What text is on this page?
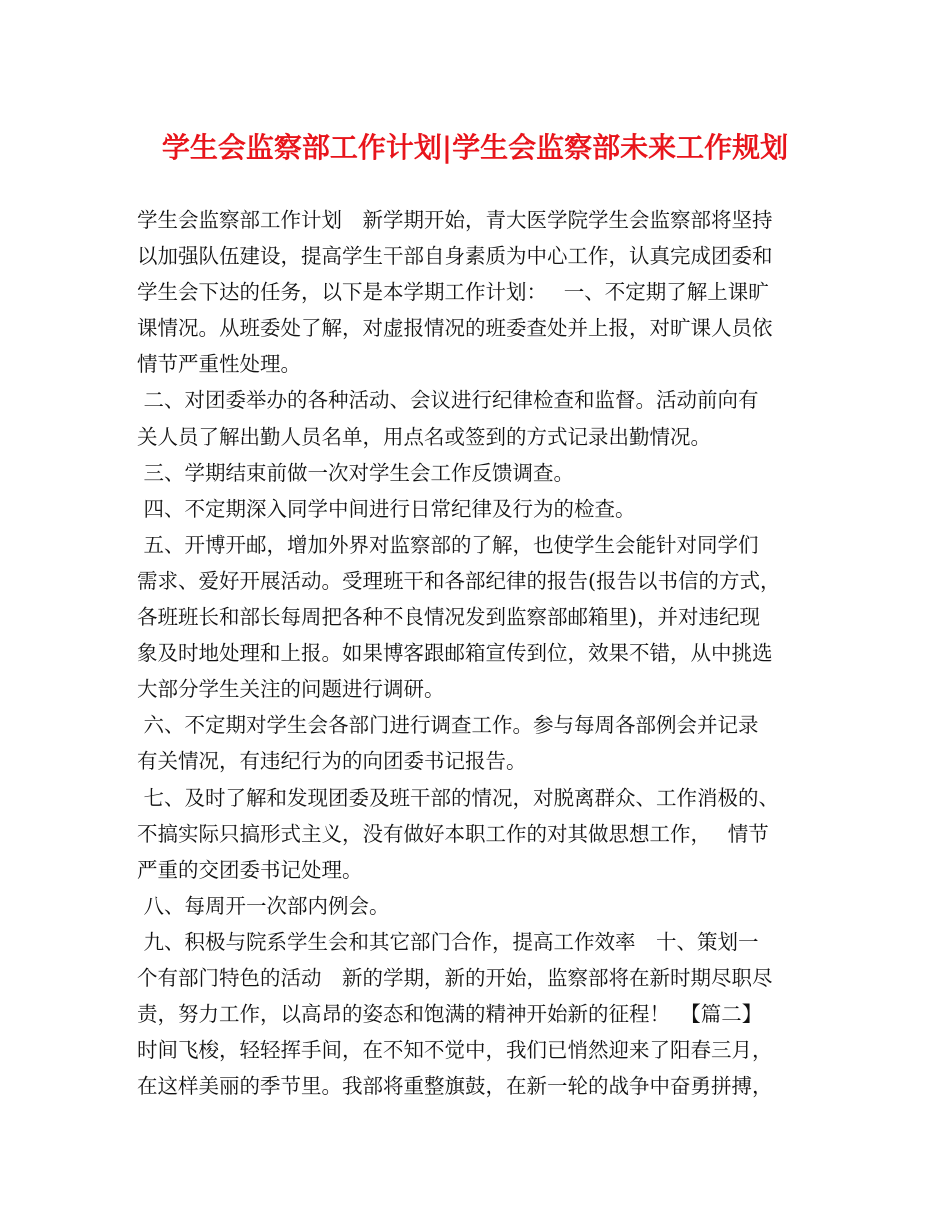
学生会监察部工作计划|学生会监察部未来工作规划
学生会监察部工作计划　新学期开始，青大医学院学生会监察部将坚持
以加强队伍建设，提高学生干部自身素质为中心工作，认真完成团委和
学生会下达的任务，以下是本学期工作计划：　 一、不定期了解上课旷
课情况。从班委处了解，对虚报情况的班委查处并上报，对旷课人员依
情节严重性处理。
二、对团委举办的各种活动、会议进行纪律检查和监督。活动前向有
关人员了解出勤人员名单，用点名或签到的方式记录出勤情况。
三、学期结束前做一次对学生会工作反馈调查。
四、不定期深入同学中间进行日常纪律及行为的检查。
五、开博开邮，增加外界对监察部的了解，也使学生会能针对同学们
需求、爱好开展活动。受理班干和各部纪律的报告(报告以书信的方式，
各班班长和部长每周把各种不良情况发到监察部邮箱里)，并对违纪现
象及时地处理和上报。如果博客跟邮箱宣传到位，效果不错，从中挑选
大部分学生关注的问题进行调研。
六、不定期对学生会各部门进行调查工作。参与每周各部例会并记录
有关情况，有违纪行为的向团委书记报告。
七、及时了解和发现团委及班干部的情况，对脱离群众、工作消极的、
不搞实际只搞形式主义，没有做好本职工作的对其做思想工作，　 情节
严重的交团委书记处理。
八、每周开一次部内例会。
九、积极与院系学生会和其它部门合作，提高工作效率　十、策划一
个有部门特色的活动　新的学期，新的开始，监察部将在新时期尽职尽
责，努力工作，以高昂的姿态和饱满的精神开始新的征程！　【篇二】
时间飞梭，轻轻挥手间，在不知不觉中，我们已悄然迎来了阳春三月，
在这样美丽的季节里。我部将重整旗鼓，在新一轮的战争中奋勇拼搏，
